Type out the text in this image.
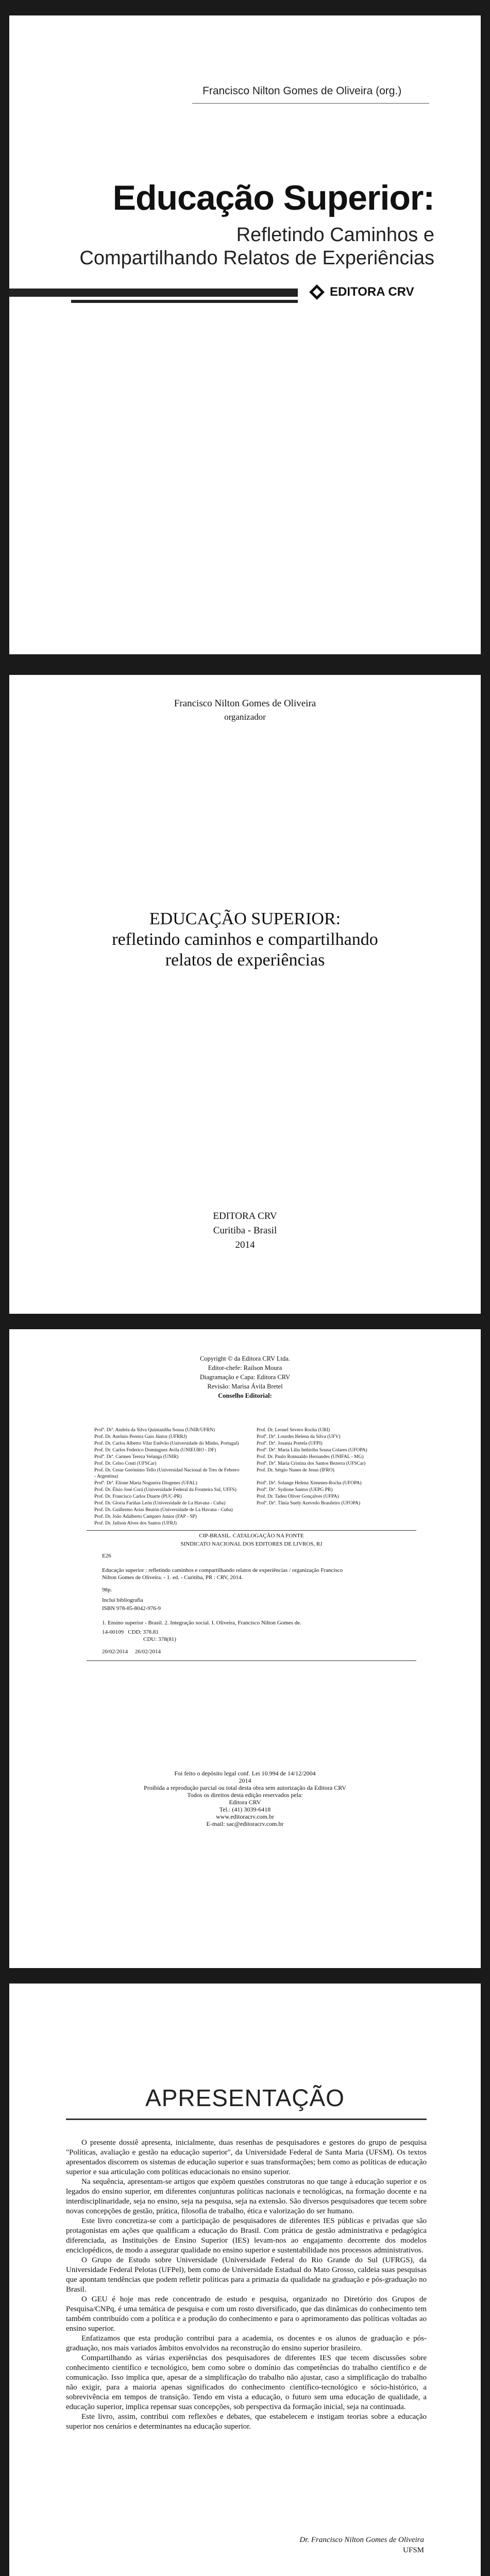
Francisco Nilton Gomes de Oliveira (org.)
Educação Superior:
Refletindo Caminhos e
Compartilhando Relatos de Experiências
EDITORA CRV
Francisco Nilton Gomes de Oliveira
organizador
EDUCAÇÃO SUPERIOR:
refletindo caminhos e compartilhando
relatos de experiências
EDITORA CRV
Curitiba - Brasil
2014
Copyright © da Editora CRV Ltda.
Editor-chefe: Railson Moura
Diagramação e Capa: Editora CRV
Revisão: Marisa Ávila Bretel
Conselho Editorial:
Profª. Drª. Andréa da Silva Quintanilha Sousa (UNIR/UFRN)	Prof. Dr. Leonel Severo Rocha (URI)
Prof. Dr. Antônio Pereira Gaio Júnior (UFRRJ)	Profª. Drª. Lourdes Helena da Silva (UFV)
Prof. Dr. Carlos Alberto Vilar Estêvão (Universidade do Minho, Portugal)	Profª. Drª. Josania Portela (UFPI)
Prof. Dr. Carlos Federico Dominguez Avila (UNIEURO - DF)	Profª. Drª. Maria Lília Imbiriba Sousa Colares (UFOPA)
Profª. Drª. Carmen Tereza Velanga (UNIR)	Prof. Dr. Paulo Romualdo Hernandes (UNIFAL - MG)
Prof. Dr. Celso Conti (UFSCar)	Profª. Drª. Maria Cristina dos Santos Bezerra (UFSCar)
Prof. Dr. Cesar Gerónimo Tello (Universidad Nacional de Tres de Febrero - Argentina)
Prof. Dr. Sérgio Nunes de Jesus (IFRO)
Profª. Drª. Elione Maria Nogueira Diogenes (UFAL)	Profª. Drª. Solange Helena Ximenes-Rocha (UFOPA)
Prof. Dr. Élsio José Corá (Universidade Federal da Fronteira Sul, UFFS)	Profª. Drª. Sydione Santos (UEPG PR)
Prof. Dr. Francisco Carlos Duarte (PUC-PR)	Prof. Dr. Tadeu Oliver Gonçalves (UFPA)
Prof. Dr. Gloria Fariñas León (Universidade de La Havana - Cuba)	Profª. Drª. Tânia Suely Azevedo Brasileiro (UFOPA)
Prof. Dr. Guillermo Arias Beatón (Universidade de La Havana - Cuba)
Prof. Dr. João Adalberto Campato Junior (FAP - SP)
Prof. Dr. Jailson Alves dos Santos (UFRJ)
CIP-BRASIL. CATALOGAÇÃO NA FONTE
SINDICATO NACIONAL DOS EDITORES DE LIVROS, RJ
E26
Educação superior : refletindo caminhos e compartilhando relatos de experiências / organização Francisco Nilton Gomes de Oliveira. - 1. ed. - Curitiba, PR : CRV, 2014.
98p.
Inclui bibliografia
ISBN 978-85-8042-976-9
1. Ensino superior - Brasil. 2. Integração social. I. Oliveira, Francisco Nilton Gomes de.
14-00109 CDD: 378.81
CDU: 378(81)
20/02/2014 26/02/2014
Foi feito o depósito legal conf. Lei 10.994 de 14/12/2004
2014
Proibida a reprodução parcial ou total desta obra sem autorização da Editora CRV
Todos os direitos desta edição reservados pela:
Editora CRV
Tel.: (41) 3039-6418
www.editoracrv.com.br
E-mail: sac@editoracrv.com.br
APRESENTAÇÃO

O presente dossiê apresenta, inicialmente, duas resenhas de pesquisadores e gestores do grupo de pesquisa "Políticas, avaliação e gestão na educação superior", da Universidade Federal de Santa Maria (UFSM). Os textos apresentados discorrem os sistemas de educação superior e suas transformações; bem como as políticas de educação superior e sua articulação com políticas educacionais no ensino superior.

Na sequência, apresentam-se artigos que expõem questões construtoras no que tange à educação superior e os legados do ensino superior, em diferentes conjunturas políticas nacionais e tecnológicas, na formação docente e na interdisciplinaridade, seja no ensino, seja na pesquisa, seja na extensão. São diversos pesquisadores que tecem sobre novas concepções de gestão, prática, filosofia de trabalho, ética e valorização do ser humano.

Este livro concretiza-se com a participação de pesquisadores de diferentes IES públicas e privadas que são protagonistas em ações que qualificam a educação do Brasil. Com prática de gestão administrativa e pedagógica diferenciada, as Instituições de Ensino Superior (IES) levam-nos ao engajamento decorrente dos modelos enciclopédicos, de modo a assegurar qualidade no ensino superior e sustentabilidade nos processos administrativos.

O Grupo de Estudo sobre Universidade (Universidade Federal do Rio Grande do Sul (UFRGS), da Universidade Federal Pelotas (UFPel), bem como de Universidade Estadual do Mato Grosso, caldeia suas pesquisas que apontam tendências que podem refletir políticas para a primazia da qualidade na graduação e pós-graduação no Brasil.

O GEU é hoje mas rede concentrado de estudo e pesquisa, organizado no Diretório dos Grupos de Pesquisa/CNPq, é uma temática de pesquisa e com um rosto diversificado, que das dinâmicas do conhecimento tem também contribuído com a política e a produção do conhecimento e para o aprimoramento das políticas voltadas ao ensino superior.

Enfatizamos que esta produção contribui para a academia, os docentes e os alunos de graduação e pós-graduação, nos mais variados âmbitos envolvidos na reconstrução do ensino superior brasileiro.

Compartilhando as várias experiências dos pesquisadores de diferentes IES que tecem discussões sobre conhecimento científico e tecnológico, bem como sobre o domínio das competências do trabalho científico e de comunicação. Isso implica que, apesar de a simplificação do trabalho não ajustar, caso a simplificação do trabalho não exigir, para a maioria apenas significados do conhecimento científico-tecnológico e sócio-histórico, a sobrevivência em tempos de transição. Tendo em vista a educação, o futuro sem uma educação de qualidade, a educação superior, implica repensar suas concepções, sob perspectiva da formação inicial, seja na continuada.

Este livro, assim, contribui com reflexões e debates, que estabelecem e instigam teorias sobre a educação superior nos cenários e determinantes na educação superior.

Dr. Francisco Nilton Gomes de Oliveira
UFSM
